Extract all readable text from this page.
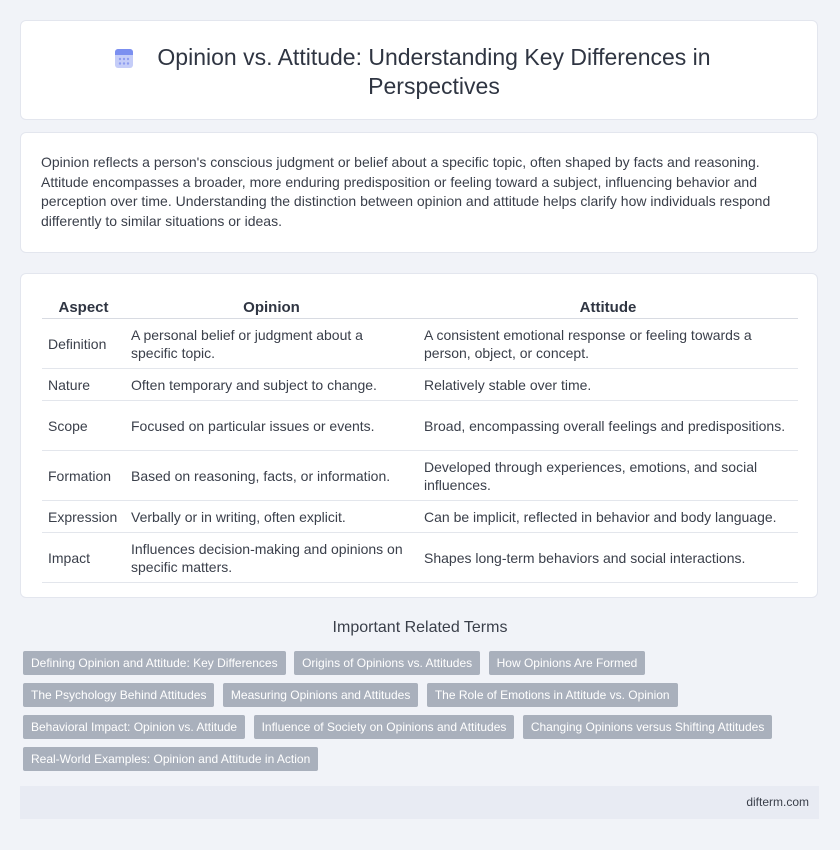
Opinion vs. Attitude: Understanding Key Differences in Perspectives
Opinion reflects a person's conscious judgment or belief about a specific topic, often shaped by facts and reasoning. Attitude encompasses a broader, more enduring predisposition or feeling toward a subject, influencing behavior and perception over time. Understanding the distinction between opinion and attitude helps clarify how individuals respond differently to similar situations or ideas.
Aspect	Opinion	Attitude
Definition	A personal belief or judgment about a specific topic.	A consistent emotional response or feeling towards a person, object, or concept.
Nature	Often temporary and subject to change.	Relatively stable over time.
Scope	Focused on particular issues or events.	Broad, encompassing overall feelings and predispositions.
Formation	Based on reasoning, facts, or information.	Developed through experiences, emotions, and social influences.
Expression	Verbally or in writing, often explicit.	Can be implicit, reflected in behavior and body language.
Impact	Influences decision-making and opinions on specific matters.	Shapes long-term behaviors and social interactions.
Important Related Terms
Defining Opinion and Attitude: Key Differences Origins of Opinions vs. Attitudes How Opinions Are Formed The Psychology Behind Attitudes Measuring Opinions and Attitudes The Role of Emotions in Attitude vs. Opinion Behavioral Impact: Opinion vs. Attitude Influence of Society on Opinions and Attitudes Changing Opinions versus Shifting Attitudes Real-World Examples: Opinion and Attitude in Action
difterm.com
